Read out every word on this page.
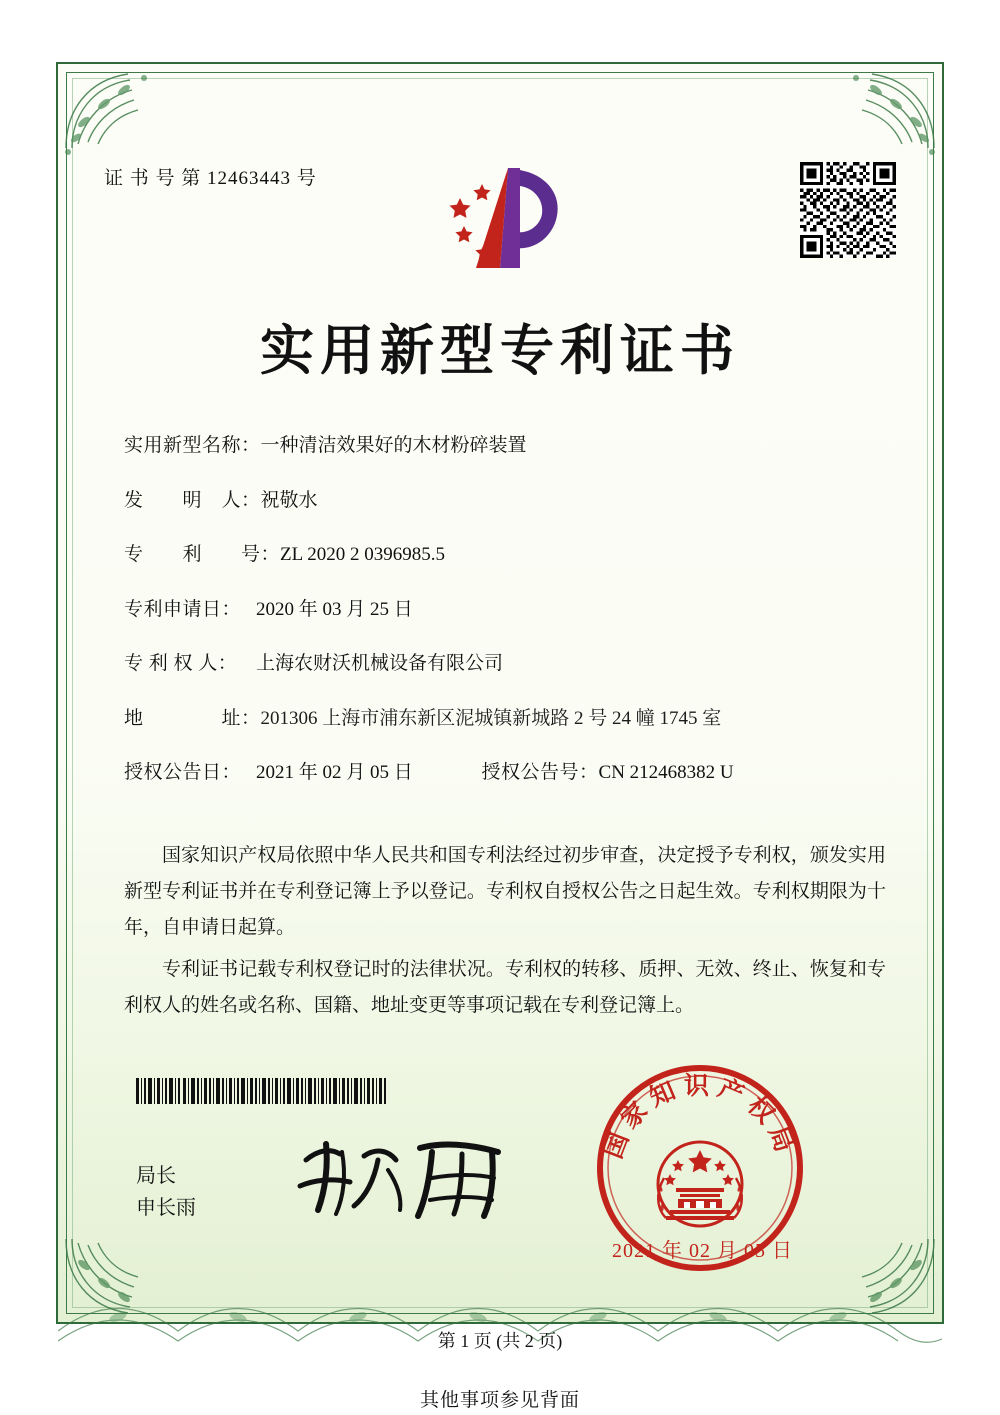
证 书 号 第 12463443 号
实用新型专利证书
实用新型名称：一种清洁效果好的木材粉碎装置
发　　明　人：祝敬水
专　　利　　号：ZL 2020 2 0396985.5
专利申请日： 2020 年 03 月 25 日
专 利 权 人： 上海农财沃机械设备有限公司
地　　　　址：201306 上海市浦东新区泥城镇新城路 2 号 24 幢 1745 室
授权公告日： 2021 年 02 月 05 日	授权公告号：CN 212468382 U

国家知识产权局依照中华人民共和国专利法经过初步审查，决定授予专利权，颁发实用新型专利证书并在专利登记簿上予以登记。专利权自授权公告之日起生效。专利权期限为十年，自申请日起算。

专利证书记载专利权登记时的法律状况。专利权的转移、质押、无效、终止、恢复和专利权人的姓名或名称、国籍、地址变更等事项记载在专利登记簿上。

局长
申长雨
国家知识产权局
2021 年 02 月 05 日
第 1 页 (共 2 页)
其他事项参见背面
